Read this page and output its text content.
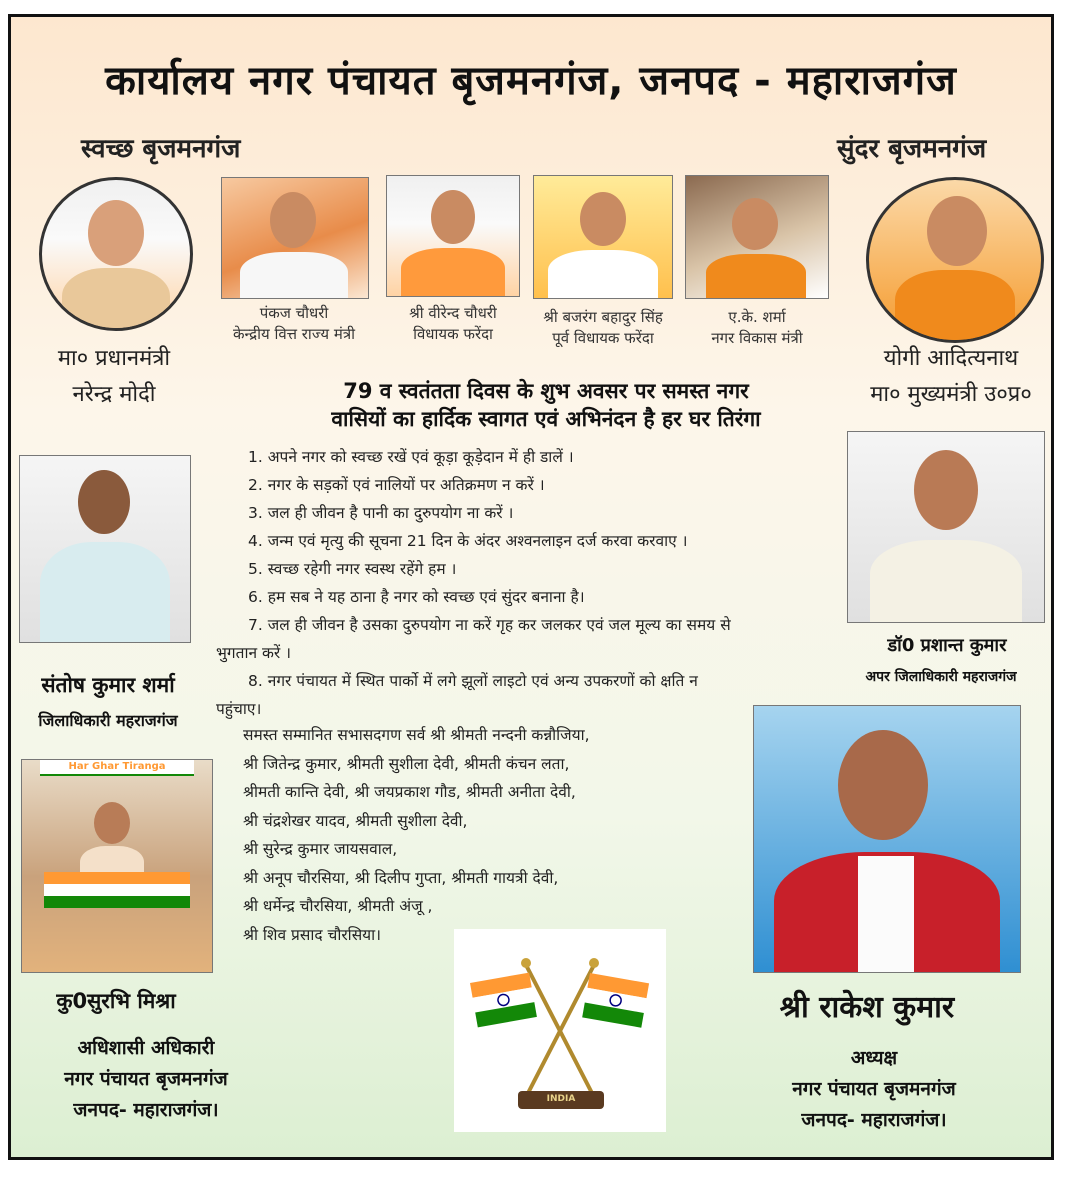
कार्यालय नगर पंचायत बृजमनगंज, जनपद - महाराजगंज
स्वच्छ बृजमनगंज	सुंदर बृजमनगंज
मा० प्रधानमंत्री
नरेन्द्र मोदी
योगी आदित्यनाथ
मा० मुख्यमंत्री उ०प्र०
पंकज चौधरी
केन्द्रीय वित्त राज्य मंत्री
श्री वीरेन्द चौधरी
विधायक फरेंदा
श्री बजरंग बहादुर सिंह
पूर्व विधायक फरेंदा
ए.के. शर्मा
नगर विकास मंत्री
79 व स्वतंतता दिवस के शुभ अवसर पर समस्त नगर
वासियों का हार्दिक स्वागत एवं अभिनंदन है हर घर तिरंगा
1. अपने नगर को स्वच्छ रखें एवं कूड़ा कूड़ेदान में ही डालें ।
2. नगर के सड़कों एवं नालियों पर अतिक्रमण न करें ।
3. जल ही जीवन है पानी का दुरुपयोग ना करें ।
4. जन्म एवं मृत्यु की सूचना 21 दिन के अंदर अश्वनलाइन दर्ज करवा करवाए ।
5. स्वच्छ रहेगी नगर स्वस्थ रहेंगे हम ।
6. हम सब ने यह ठाना है नगर को स्वच्छ एवं सुंदर बनाना है।
7. जल ही जीवन है उसका दुरुपयोग ना करें गृह कर जलकर एवं जल मूल्य का समय से
भुगतान करें ।
8. नगर पंचायत में स्थित पार्को में लगे झूलों लाइटो एवं अन्य उपकरणों को क्षति न
पहुंचाए।
संतोष कुमार शर्मा
जिलाधिकारी महराजगंज
डॉ0 प्रशान्त कुमार
अपर जिलाधिकारी महराजगंज
समस्त सम्मानित सभासदगण सर्व श्री श्रीमती नन्दनी कन्नौजिया,
श्री जितेन्द्र कुमार, श्रीमती सुशीला देवी, श्रीमती कंचन लता,
श्रीमती कान्ति देवी, श्री जयप्रकाश गौड, श्रीमती अनीता देवी,
श्री चंद्रशेखर यादव, श्रीमती सुशीला देवी,
श्री सुरेन्द्र कुमार जायसवाल,
श्री अनूप चौरसिया, श्री दिलीप गुप्ता, श्रीमती गायत्री देवी,
श्री धर्मेन्द्र चौरसिया, श्रीमती अंजू ,
श्री शिव प्रसाद चौरसिया।
Har Ghar Tiranga
कु0सुरभि मिश्रा
अधिशासी अधिकारी
नगर पंचायत बृजमनगंज
जनपद- महाराजगंज।
श्री राकेश कुमार
अध्यक्ष
नगर पंचायत बृजमनगंज
जनपद- महाराजगंज।
INDIA
